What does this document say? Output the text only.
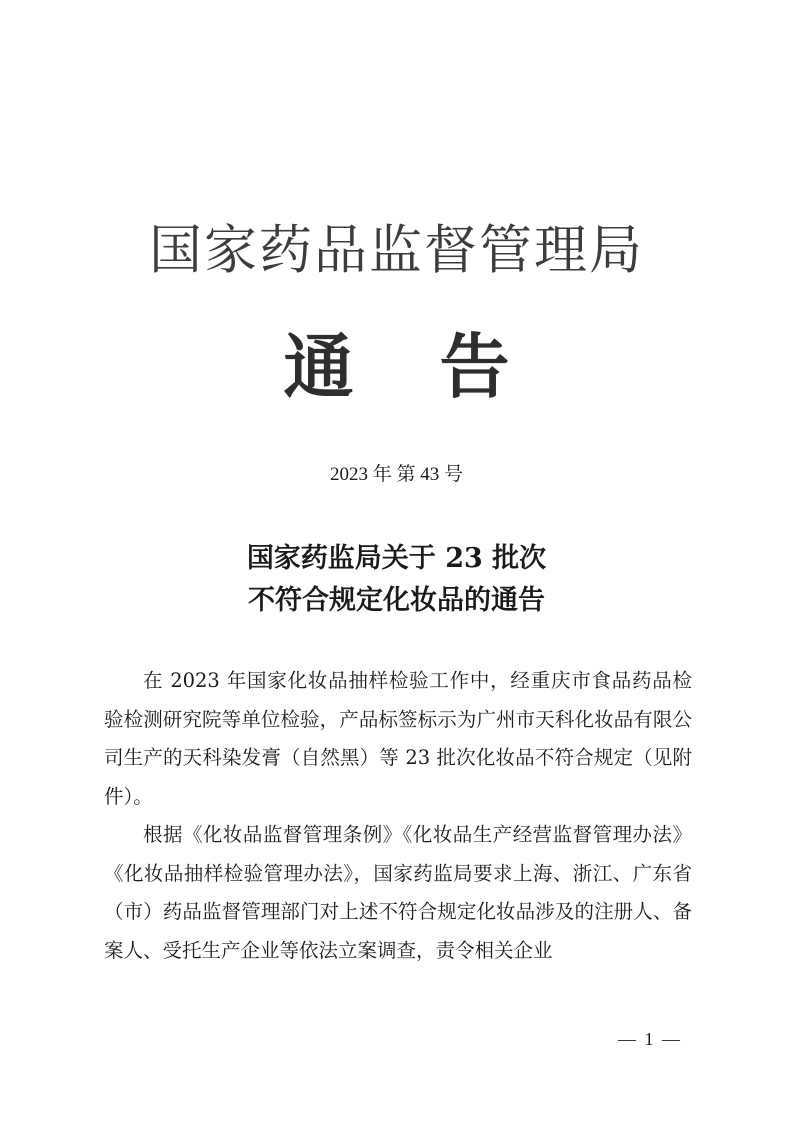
国家药品监督管理局
通 告
2023 年 第 43 号
国家药监局关于 23 批次
不符合规定化妆品的通告

在 2023 年国家化妆品抽样检验工作中，经重庆市食品药品检验检测研究院等单位检验，产品标签标示为广州市天科化妆品有限公司生产的天科染发膏（自然黑）等 23 批次化妆品不符合规定（见附件）。

根据《化妆品监督管理条例》《化妆品生产经营监督管理办法》《化妆品抽样检验管理办法》，国家药监局要求上海、浙江、广东省（市）药品监督管理部门对上述不符合规定化妆品涉及的注册人、备案人、受托生产企业等依法立案调查，责令相关企业

— 1 —
